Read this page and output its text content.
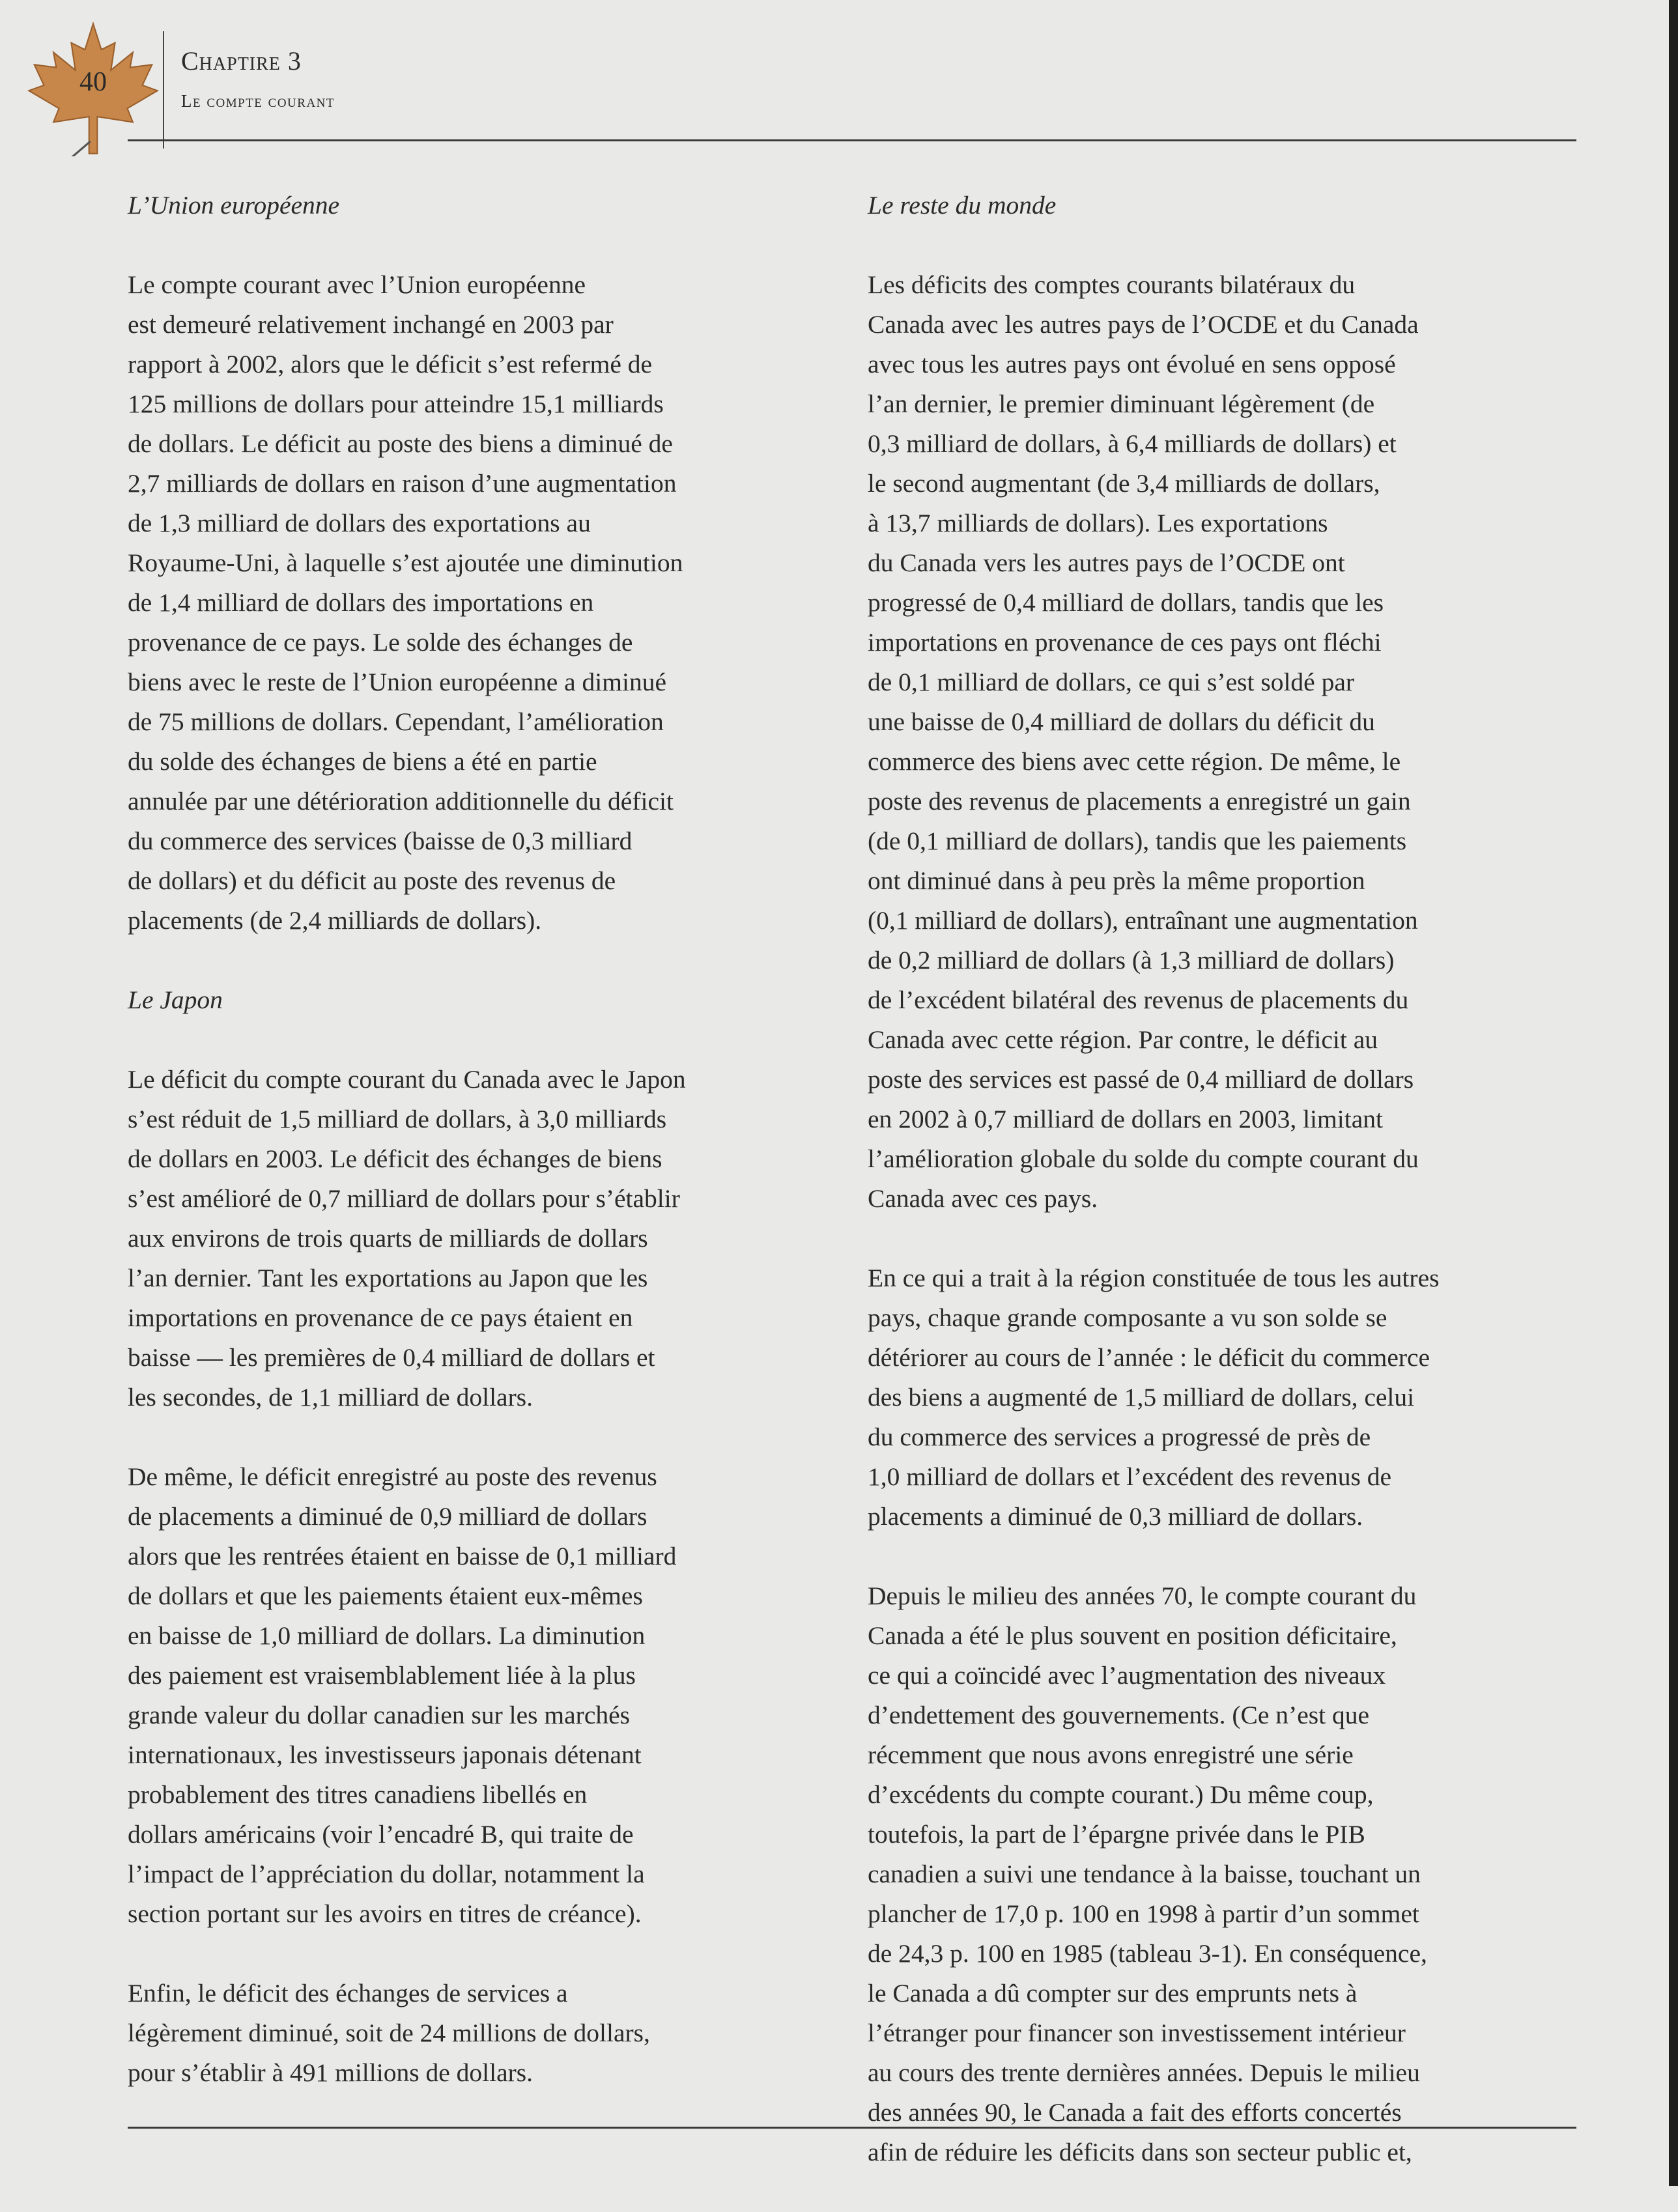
40
Chaptire 3
Le compte courant
L’Union européenne
Le compte courant avec l’Union européenne
est demeuré relativement inchangé en 2003 par
rapport à 2002, alors que le déficit s’est refermé de
125 millions de dollars pour atteindre 15,1 milliards
de dollars. Le déficit au poste des biens a diminué de
2,7 milliards de dollars en raison d’une augmentation
de 1,3 milliard de dollars des exportations au
Royaume-Uni, à laquelle s’est ajoutée une diminution
de 1,4 milliard de dollars des importations en
provenance de ce pays. Le solde des échanges de
biens avec le reste de l’Union européenne a diminué
de 75 millions de dollars. Cependant, l’amélioration
du solde des échanges de biens a été en partie
annulée par une détérioration additionnelle du déficit
du commerce des services (baisse de 0,3 milliard
de dollars) et du déficit au poste des revenus de
placements (de 2,4 milliards de dollars).
Le Japon
Le déficit du compte courant du Canada avec le Japon
s’est réduit de 1,5 milliard de dollars, à 3,0 milliards
de dollars en 2003. Le déficit des échanges de biens
s’est amélioré de 0,7 milliard de dollars pour s’établir
aux environs de trois quarts de milliards de dollars
l’an dernier. Tant les exportations au Japon que les
importations en provenance de ce pays étaient en
baisse — les premières de 0,4 milliard de dollars et
les secondes, de 1,1 milliard de dollars.
De même, le déficit enregistré au poste des revenus
de placements a diminué de 0,9 milliard de dollars
alors que les rentrées étaient en baisse de 0,1 milliard
de dollars et que les paiements étaient eux-mêmes
en baisse de 1,0 milliard de dollars. La diminution
des paiement est vraisemblablement liée à la plus
grande valeur du dollar canadien sur les marchés
internationaux, les investisseurs japonais détenant
probablement des titres canadiens libellés en
dollars américains (voir l’encadré B, qui traite de
l’impact de l’appréciation du dollar, notamment la
section portant sur les avoirs en titres de créance).
Enfin, le déficit des échanges de services a
légèrement diminué, soit de 24 millions de dollars,
pour s’établir à 491 millions de dollars.
Le reste du monde
Les déficits des comptes courants bilatéraux du
Canada avec les autres pays de l’OCDE et du Canada
avec tous les autres pays ont évolué en sens opposé
l’an dernier, le premier diminuant légèrement (de
0,3 milliard de dollars, à 6,4 milliards de dollars) et
le second augmentant (de 3,4 milliards de dollars,
à 13,7 milliards de dollars). Les exportations
du Canada vers les autres pays de l’OCDE ont
progressé de 0,4 milliard de dollars, tandis que les
importations en provenance de ces pays ont fléchi
de 0,1 milliard de dollars, ce qui s’est soldé par
une baisse de 0,4 milliard de dollars du déficit du
commerce des biens avec cette région. De même, le
poste des revenus de placements a enregistré un gain
(de 0,1 milliard de dollars), tandis que les paiements
ont diminué dans à peu près la même proportion
(0,1 milliard de dollars), entraînant une augmentation
de 0,2 milliard de dollars (à 1,3 milliard de dollars)
de l’excédent bilatéral des revenus de placements du
Canada avec cette région. Par contre, le déficit au
poste des services est passé de 0,4 milliard de dollars
en 2002 à 0,7 milliard de dollars en 2003, limitant
l’amélioration globale du solde du compte courant du
Canada avec ces pays.
En ce qui a trait à la région constituée de tous les autres
pays, chaque grande composante a vu son solde se
détériorer au cours de l’année : le déficit du commerce
des biens a augmenté de 1,5 milliard de dollars, celui
du commerce des services a progressé de près de
1,0 milliard de dollars et l’excédent des revenus de
placements a diminué de 0,3 milliard de dollars.
Depuis le milieu des années 70, le compte courant du
Canada a été le plus souvent en position déficitaire,
ce qui a coïncidé avec l’augmentation des niveaux
d’endettement des gouvernements. (Ce n’est que
récemment que nous avons enregistré une série
d’excédents du compte courant.) Du même coup,
toutefois, la part de l’épargne privée dans le PIB
canadien a suivi une tendance à la baisse, touchant un
plancher de 17,0 p. 100 en 1998 à partir d’un sommet
de 24,3 p. 100 en 1985 (tableau 3-1). En conséquence,
le Canada a dû compter sur des emprunts nets à
l’étranger pour financer son investissement intérieur
au cours des trente dernières années. Depuis le milieu
des années 90, le Canada a fait des efforts concertés
afin de réduire les déficits dans son secteur public et,
